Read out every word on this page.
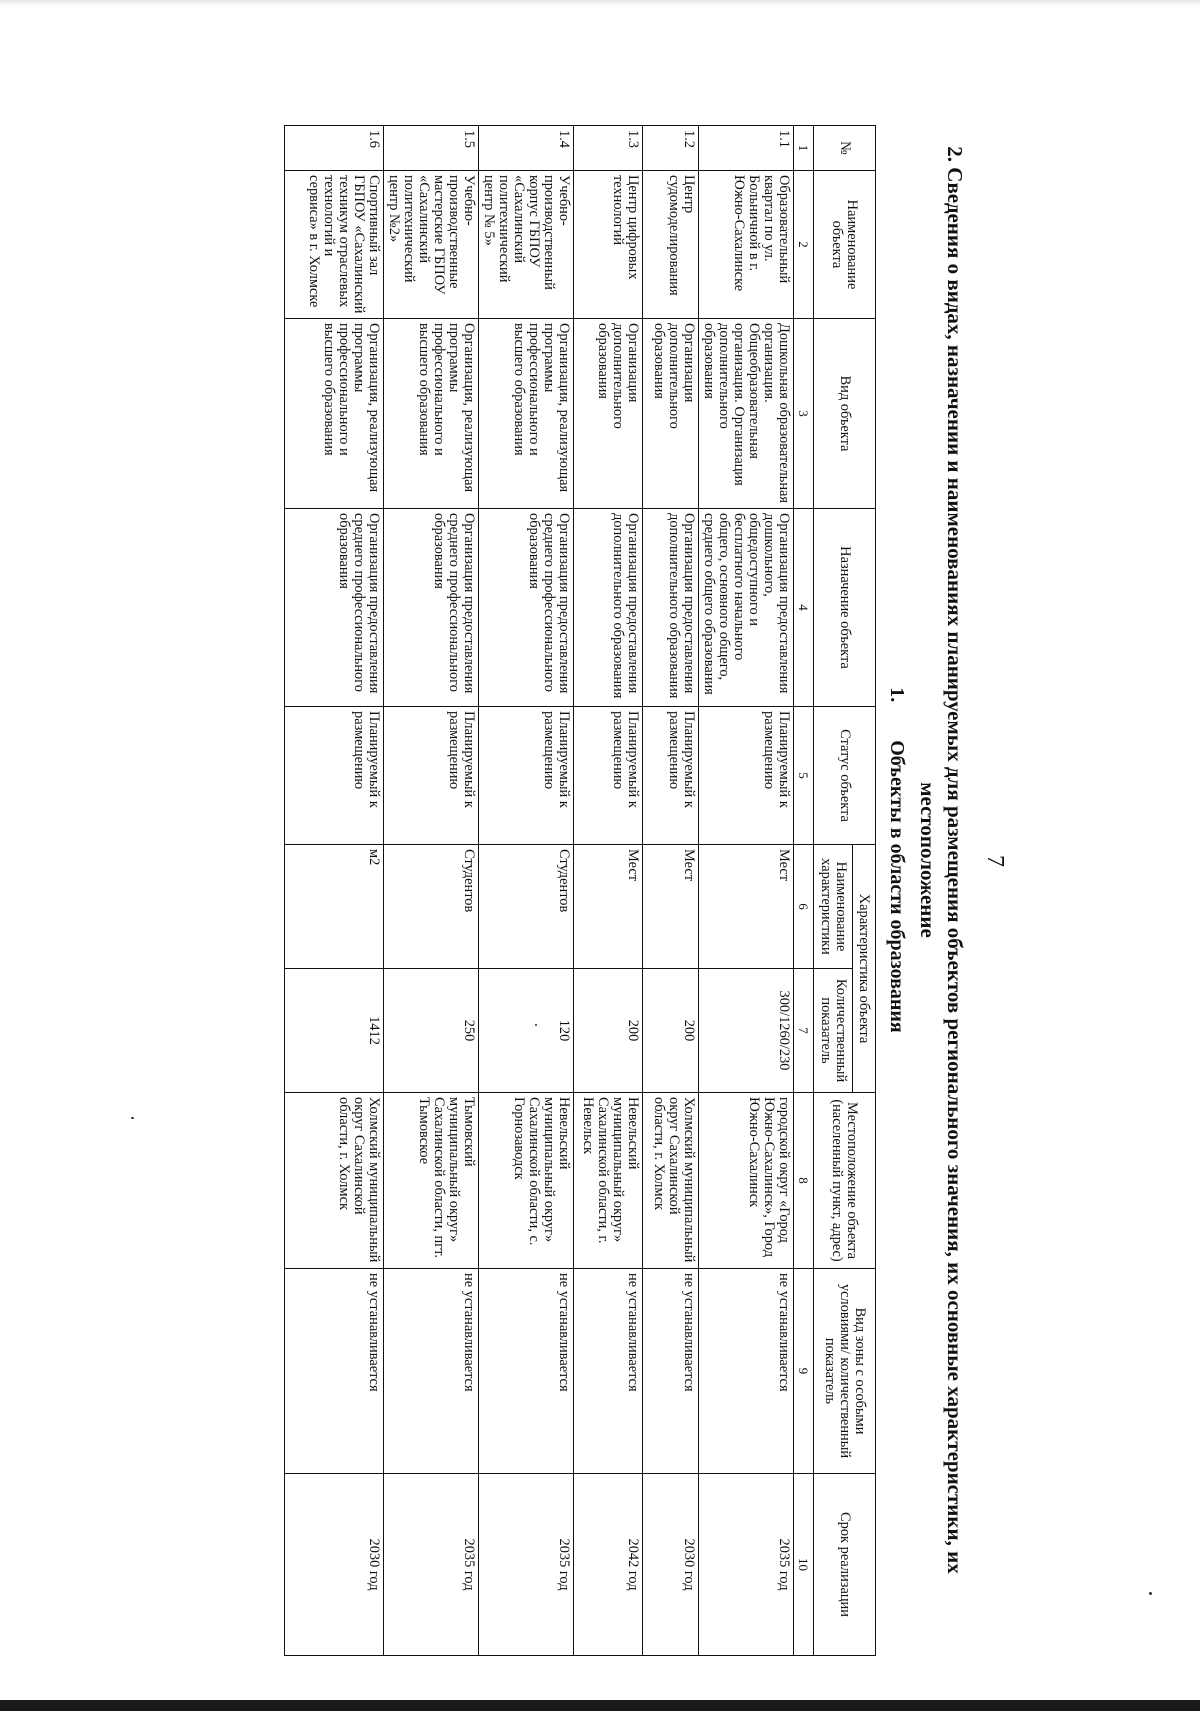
7
2. Сведения о видах, назначении и наименованиях планируемых для размещения объектов регионального значения, их основные характеристики, их местоположение
1.Объекты в области образования
№	Наименование объекта	Вид объекта	Назначение объекта	Статус объекта	Характеристика объекта		Местоположение объекта (населенный пункт, адрес)	Вид зоны с особыми условиями/ количественный показатель	Срок реализации
					Наименование характеристики	Количественный показатель			
1	2	3	4	5	6	7	8	9	10
1.1	Образовательный квартал по ул. Больничной в г. Южно-Сахалинске	Дошкольная образовательная организация. Общеобразовательная организация. Организация дополнительного образования	Организация предоставления дошкольного, общедоступного и бесплатного начального общего, основного общего, среднего общего образования	Планируемый к размещению	Мест	300/1260/230	городской округ «Город Южно-Сахалинск», Город Южно-Сахалинск	не устанавливается	2035 год
1.2	Центр судомоделирования	Организация дополнительного образования	Организация предоставления дополнительного образования	Планируемый к размещению	Мест	200	Холмский муниципальный округ Сахалинской области, г. Холмск	не устанавливается	2030 год
1.3	Центр цифровых технологий	Организация дополнительного образования	Организация предоставления дополнительного образования	Планируемый к размещению	Мест	200	Невельский муниципальный округ» Сахалинской области, г. Невельск	не устанавливается	2042 год
1.4	Учебно-производственный корпус ГБПОУ «Сахалинский политехнический центр № 5»	Организация, реализующая программы профессионального и высшего образования	Организация предоставления среднего профессионального образования	Планируемый к размещению	Студентов	120	Невельский муниципальный округ» Сахалинской области, с. Горнозаводск	не устанавливается	2035 год
1.5	Учебно-производственные мастерские ГБПОУ «Сахалинский политехнический центр №2»	Организация, реализующая программы профессионального и высшего образования	Организация предоставления среднего профессионального образования	Планируемый к размещению	Студентов	250	Тымовский муниципальный округ» Сахалинской области, пгт. Тымовское	не устанавливается	2035 год
1.6	Спортивный зал ГБПОУ «Сахалинский техникум отраслевых технологий и сервиса» в г. Холмске	Организация, реализующая программы профессионального и высшего образования	Организация предоставления среднего профессионального образования	Планируемый к размещению	м2	1412	Холмский муниципальный округ Сахалинской области, г. Холмск	не устанавливается	2030 год
